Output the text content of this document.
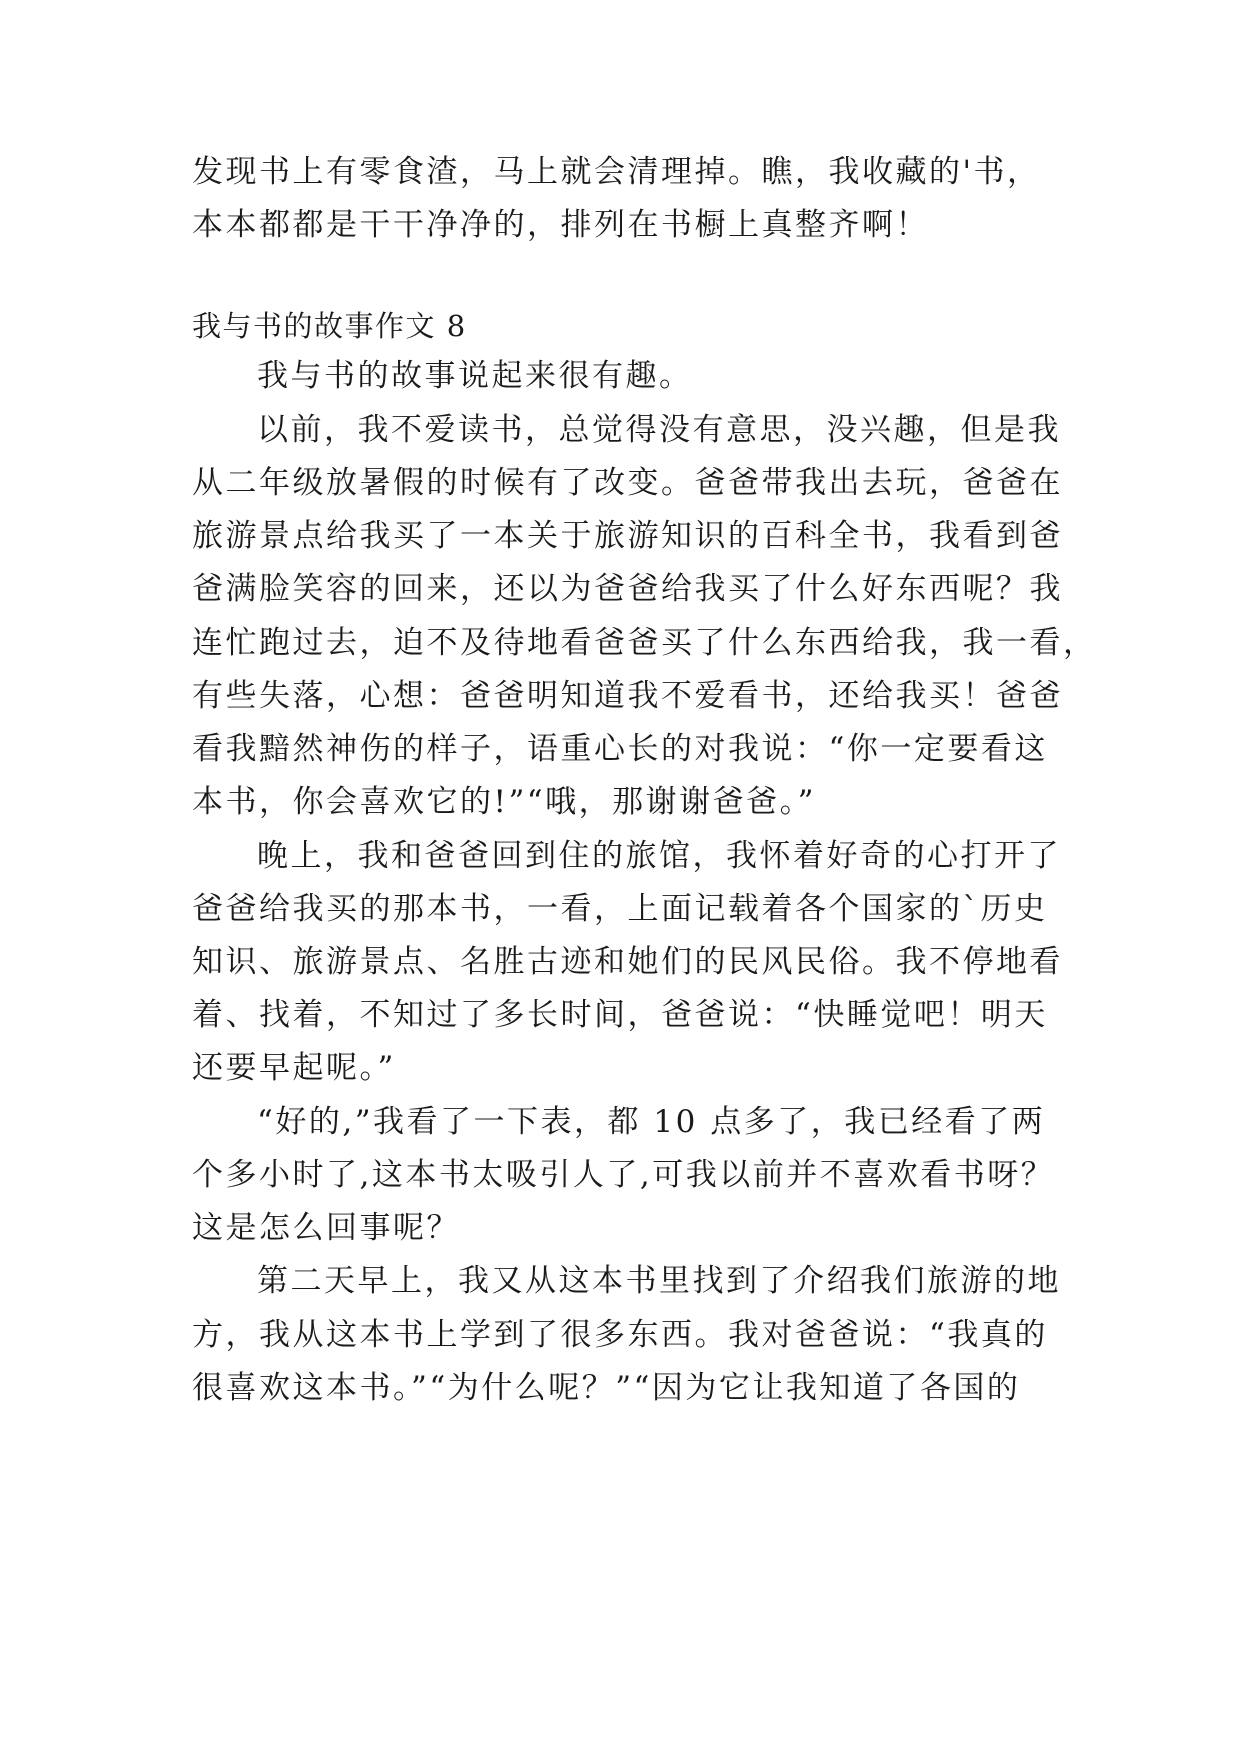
发现书上有零食渣，马上就会清理掉。瞧，我收藏的'书，
本本都都是干干净净的，排列在书橱上真整齐啊！
我与书的故事作文 8
我与书的故事说起来很有趣。
以前，我不爱读书，总觉得没有意思，没兴趣，但是我
从二年级放暑假的时候有了改变。爸爸带我出去玩，爸爸在
旅游景点给我买了一本关于旅游知识的百科全书，我看到爸
爸满脸笑容的回来，还以为爸爸给我买了什么好东西呢？我
连忙跑过去，迫不及待地看爸爸买了什么东西给我，我一看，
有些失落，心想：爸爸明知道我不爱看书，还给我买！爸爸
看我黯然神伤的样子，语重心长的对我说：“你一定要看这
本书，你会喜欢它的!”“哦，那谢谢爸爸。”
晚上，我和爸爸回到住的旅馆，我怀着好奇的心打开了
爸爸给我买的那本书，一看，上面记载着各个国家的`历史
知识、旅游景点、名胜古迹和她们的民风民俗。我不停地看
着、找着，不知过了多长时间，爸爸说：“快睡觉吧！明天
还要早起呢。”
“好的,”我看了一下表，都 10 点多了，我已经看了两
个多小时了,这本书太吸引人了,可我以前并不喜欢看书呀？
这是怎么回事呢？
第二天早上，我又从这本书里找到了介绍我们旅游的地
方，我从这本书上学到了很多东西。我对爸爸说：“我真的
很喜欢这本书。”“为什么呢？”“因为它让我知道了各国的
